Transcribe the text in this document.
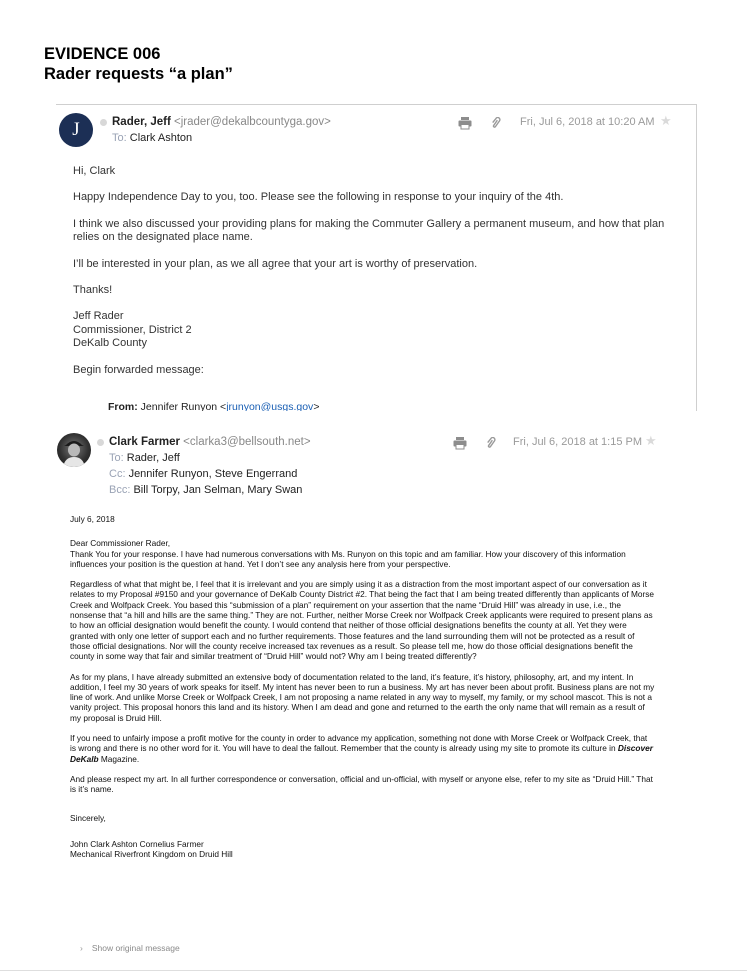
EVIDENCE 006
Rader requests “a plan”
J	Rader, Jeff <jrader@dekalbcountyga.gov>
To: Clark Ashton
Fri, Jul 6, 2018 at 10:20 AM ★

Hi, Clark

Happy Independence Day to you, too. Please see the following in response to your inquiry of the 4th.

I think we also discussed your providing plans for making the Commuter Gallery a permanent museum, and how that plan relies on the designated place name.

I’ll be interested in your plan, as we all agree that your art is worthy of preservation.

Thanks!

Jeff Rader
Commissioner, District 2
DeKalb County

Begin forwarded message:

From: Jennifer Runyon <jrunyon@usgs.gov>
Clark Farmer <clarka3@bellsouth.net>
To: Rader, Jeff
Cc: Jennifer Runyon, Steve Engerrand
Bcc: Bill Torpy, Jan Selman, Mary Swan
Fri, Jul 6, 2018 at 1:15 PM ★

July 6, 2018

Dear Commissioner Rader,

Thank You for your response. I have had numerous conversations with Ms. Runyon on this topic and am familiar. How your discovery of this information influences your position is the question at hand. Yet I don’t see any analysis here from your perspective.

Regardless of what that might be, I feel that it is irrelevant and you are simply using it as a distraction from the most important aspect of our conversation as it relates to my Proposal #9150 and your governance of DeKalb County District #2. That being the fact that I am being treated differently than applicants of Morse Creek and Wolfpack Creek. You based this “submission of a plan” requirement on your assertion that the name “Druid Hill” was already in use, i.e., the nonsense that “a hill and hills are the same thing.” They are not. Further, neither Morse Creek nor Wolfpack Creek applicants were required to present plans as to how an official designation would benefit the county. I would contend that neither of those official designations benefits the county at all. Yet they were granted with only one letter of support each and no further requirements. Those features and the land surrounding them will not be protected as a result of those official designations. Nor will the county receive increased tax revenues as a result. So please tell me, how do those official designations benefit the county in some way that fair and similar treatment of “Druid Hill” would not? Why am I being treated differently?

As for my plans, I have already submitted an extensive body of documentation related to the land, it’s feature, it’s history, philosophy, art, and my intent. In addition, I feel my 30 years of work speaks for itself. My intent has never been to run a business. My art has never been about profit. Business plans are not my line of work. And unlike Morse Creek or Wolfpack Creek, I am not proposing a name related in any way to myself, my family, or my school mascot. This is not a vanity project. This proposal honors this land and its history. When I am dead and gone and returned to the earth the only name that will remain as a result of my proposal is Druid Hill.

If you need to unfairly impose a profit motive for the county in order to advance my application, something not done with Morse Creek or Wolfpack Creek, that is wrong and there is no other word for it. You will have to deal the fallout. Remember that the county is already using my site to promote its culture in Discover DeKalb Magazine.

And please respect my art. In all further correspondence or conversation, official and un-official, with myself or anyone else, refer to my site as “Druid Hill.” That is it’s name.

Sincerely,

John Clark Ashton Cornelius Farmer
Mechanical Riverfront Kingdom on Druid Hill

› Show original message
